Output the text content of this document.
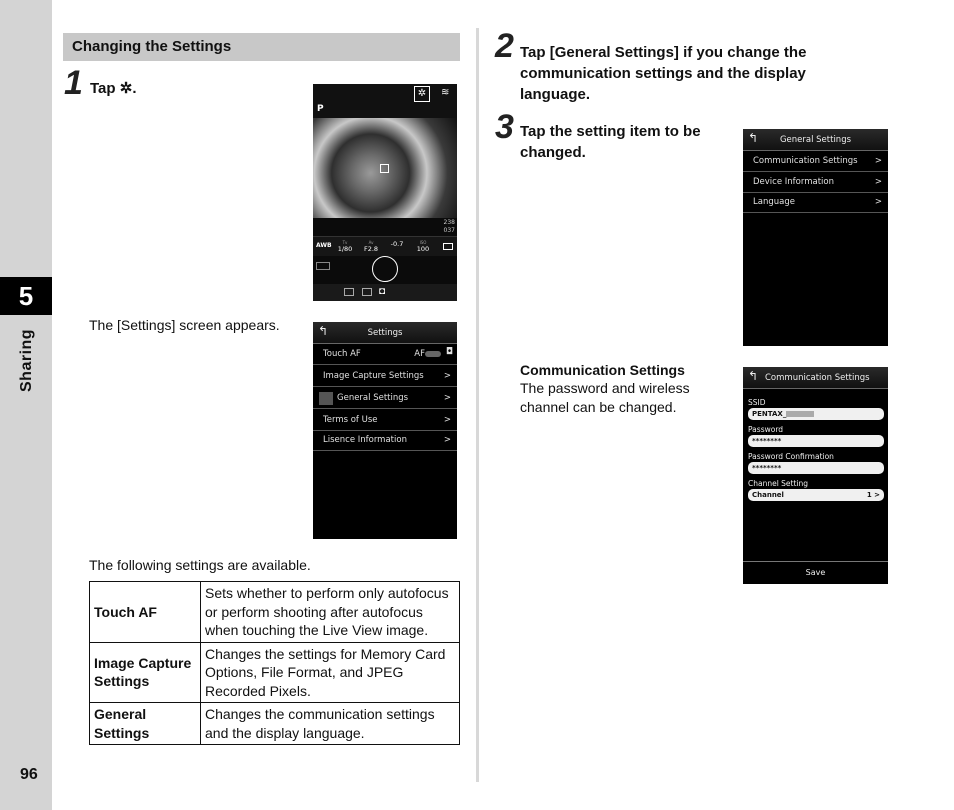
5
Sharing
96
Changing the Settings
1 Tap ✲.	✲	≋
P
238
037
AWB	Tv
1/80
Av
F2.8
-0.7	ISO
100
◘
The [Settings] screen appears.	↰	Settings
Touch AF	AF ◘
Image Capture Settings >
General Settings	>
Terms of Use	>
Lisence Information	>
The following settings are available.
Touch AF	Sets whether to perform only autofocus or perform shooting after autofocus when touching the Live View image.
Image Capture Settings	Changes the settings for Memory Card Options, File Format, and JPEG Recorded Pixels.
General Settings	Changes the communication settings and the display language.
2 Tap [General Settings] if you change the communication settings and the display language.
3 Tap the setting item to be changed.
↰	General Settings
Communication Settings >
Device Information	>
Language	>
Communication Settings
The password and wireless channel can be changed.
↰ Communication Settings
SSID
PENTAX_
Password
********
Password Confirmation
********
Channel Setting
Channel	1 >
Save
